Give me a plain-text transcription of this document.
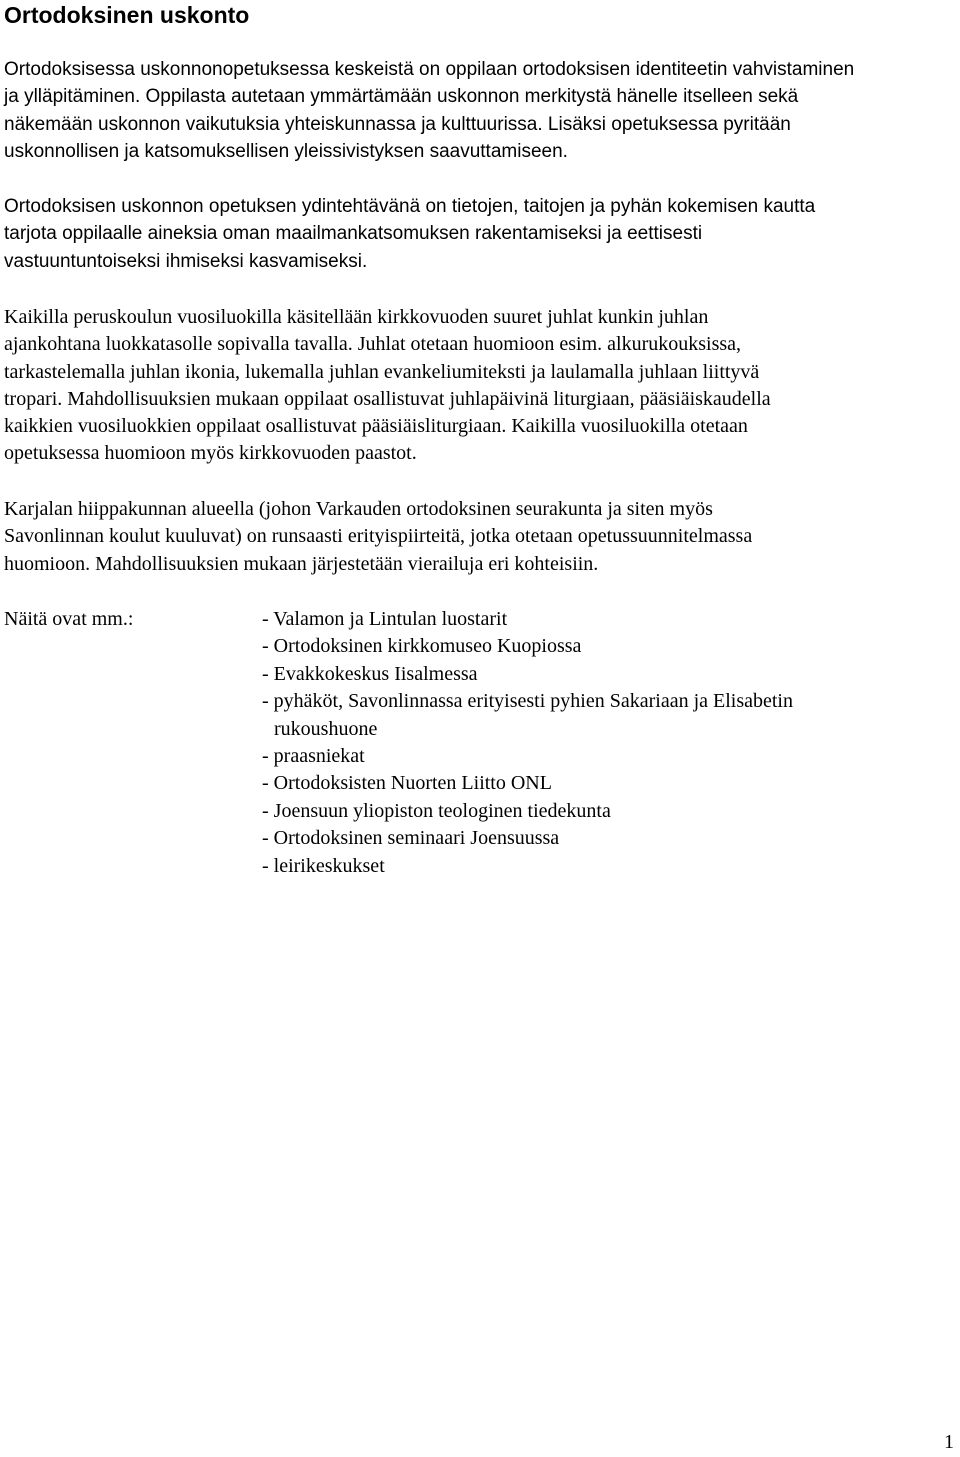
Ortodoksinen uskonto

Ortodoksisessa uskonnonopetuksessa keskeistä on oppilaan ortodoksisen identiteetin vahvistaminen
ja ylläpitäminen. Oppilasta autetaan ymmärtämään uskonnon merkitystä hänelle itselleen sekä
näkemään uskonnon vaikutuksia yhteiskunnassa ja kulttuurissa. Lisäksi opetuksessa pyritään
uskonnollisen ja katsomuksellisen yleissivistyksen saavuttamiseen.

Ortodoksisen uskonnon opetuksen ydintehtävänä on tietojen, taitojen ja pyhän kokemisen kautta
tarjota oppilaalle aineksia oman maailmankatsomuksen rakentamiseksi ja eettisesti
vastuuntuntoiseksi ihmiseksi kasvamiseksi.

Kaikilla peruskoulun vuosiluokilla käsitellään kirkkovuoden suuret juhlat kunkin juhlan
ajankohtana luokkatasolle sopivalla tavalla. Juhlat otetaan huomioon esim. alkurukouksissa,
tarkastelemalla juhlan ikonia, lukemalla juhlan evankeliumiteksti ja laulamalla juhlaan liittyvä
tropari. Mahdollisuuksien mukaan oppilaat osallistuvat juhlapäivinä liturgiaan, pääsiäiskaudella
kaikkien vuosiluokkien oppilaat osallistuvat pääsiäisliturgiaan. Kaikilla vuosiluokilla otetaan
opetuksessa huomioon myös kirkkovuoden paastot.

Karjalan hiippakunnan alueella (johon Varkauden ortodoksinen seurakunta ja siten myös
Savonlinnan koulut kuuluvat) on runsaasti erityispiirteitä, jotka otetaan opetussuunnitelmassa
huomioon. Mahdollisuuksien mukaan järjestetään vierailuja eri kohteisiin.

Näitä ovat mm.:	- Valamon ja Lintulan luostarit
- Ortodoksinen kirkkomuseo Kuopiossa
- Evakkokeskus Iisalmessa
- pyhäköt, Savonlinnassa erityisesti pyhien Sakariaan ja Elisabetin
rukoushuone
- praasniekat
- Ortodoksisten Nuorten Liitto ONL
- Joensuun yliopiston teologinen tiedekunta
- Ortodoksinen seminaari Joensuussa
- leirikeskukset
1
